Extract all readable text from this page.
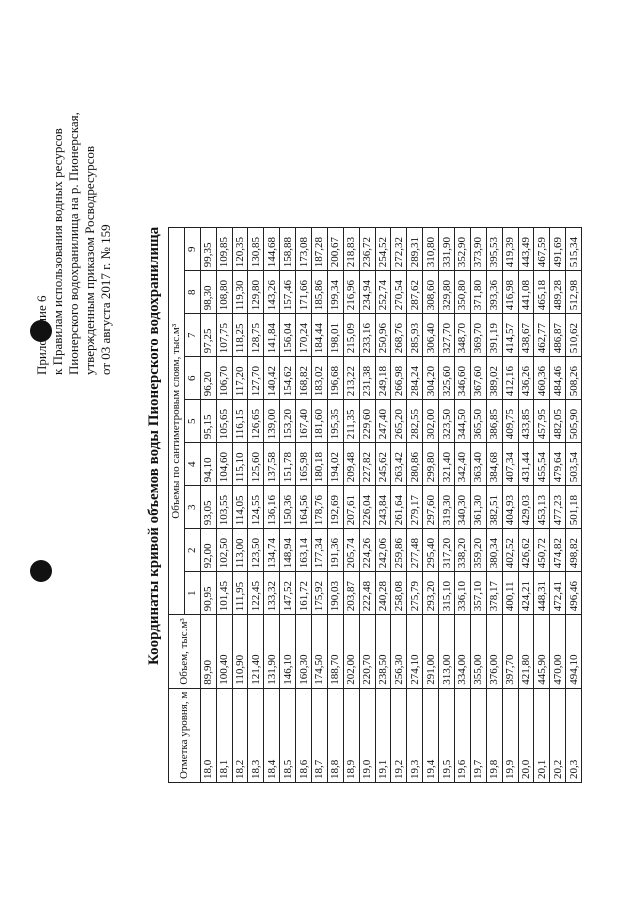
Приложение 6 к Правилам использования водных ресурсов Пионерского водохранилища на р. Пионерская, утвержденным приказом Росводресурсов от 03 августа 2017 г. № 159 Координаты кривой объемов воды Пионерского водохранилища
Отметка уровня, м	Объем, тыс.м³	Объемы по сантиметровым слоям, тыс.м³								
		1	2	3	4	5	6	7	8	9
18,0	89,90	90,95	92,00	93,05	94,10	95,15	96,20	97,25	98,30	99,35
18,1	100,40	101,45	102,50	103,55	104,60	105,65	106,70	107,75	108,80	109,85
18,2	110,90	111,95	113,00	114,05	115,10	116,15	117,20	118,25	119,30	120,35
18,3	121,40	122,45	123,50	124,55	125,60	126,65	127,70	128,75	129,80	130,85
18,4	131,90	133,32	134,74	136,16	137,58	139,00	140,42	141,84	143,26	144,68
18,5	146,10	147,52	148,94	150,36	151,78	153,20	154,62	156,04	157,46	158,88
18,6	160,30	161,72	163,14	164,56	165,98	167,40	168,82	170,24	171,66	173,08
18,7	174,50	175,92	177,34	178,76	180,18	181,60	183,02	184,44	185,86	187,28
18,8	188,70	190,03	191,36	192,69	194,02	195,35	196,68	198,01	199,34	200,67
18,9	202,00	203,87	205,74	207,61	209,48	211,35	213,22	215,09	216,96	218,83
19,0	220,70	222,48	224,26	226,04	227,82	229,60	231,38	233,16	234,94	236,72
19,1	238,50	240,28	242,06	243,84	245,62	247,40	249,18	250,96	252,74	254,52
19,2	256,30	258,08	259,86	261,64	263,42	265,20	266,98	268,76	270,54	272,32
19,3	274,10	275,79	277,48	279,17	280,86	282,55	284,24	285,93	287,62	289,31
19,4	291,00	293,20	295,40	297,60	299,80	302,00	304,20	306,40	308,60	310,80
19,5	313,00	315,10	317,20	319,30	321,40	323,50	325,60	327,70	329,80	331,90
19,6	334,00	336,10	338,20	340,30	342,40	344,50	346,60	348,70	350,80	352,90
19,7	355,00	357,10	359,20	361,30	363,40	365,50	367,60	369,70	371,80	373,90
19,8	376,00	378,17	380,34	382,51	384,68	386,85	389,02	391,19	393,36	395,53
19,9	397,70	400,11	402,52	404,93	407,34	409,75	412,16	414,57	416,98	419,39
20,0	421,80	424,21	426,62	429,03	431,44	433,85	436,26	438,67	441,08	443,49
20,1	445,90	448,31	450,72	453,13	455,54	457,95	460,36	462,77	465,18	467,59
20,2	470,00	472,41	474,82	477,23	479,64	482,05	484,46	486,87	489,28	491,69
20,3	494,10	496,46	498,82	501,18	503,54	505,90	508,26	510,62	512,98	515,34
